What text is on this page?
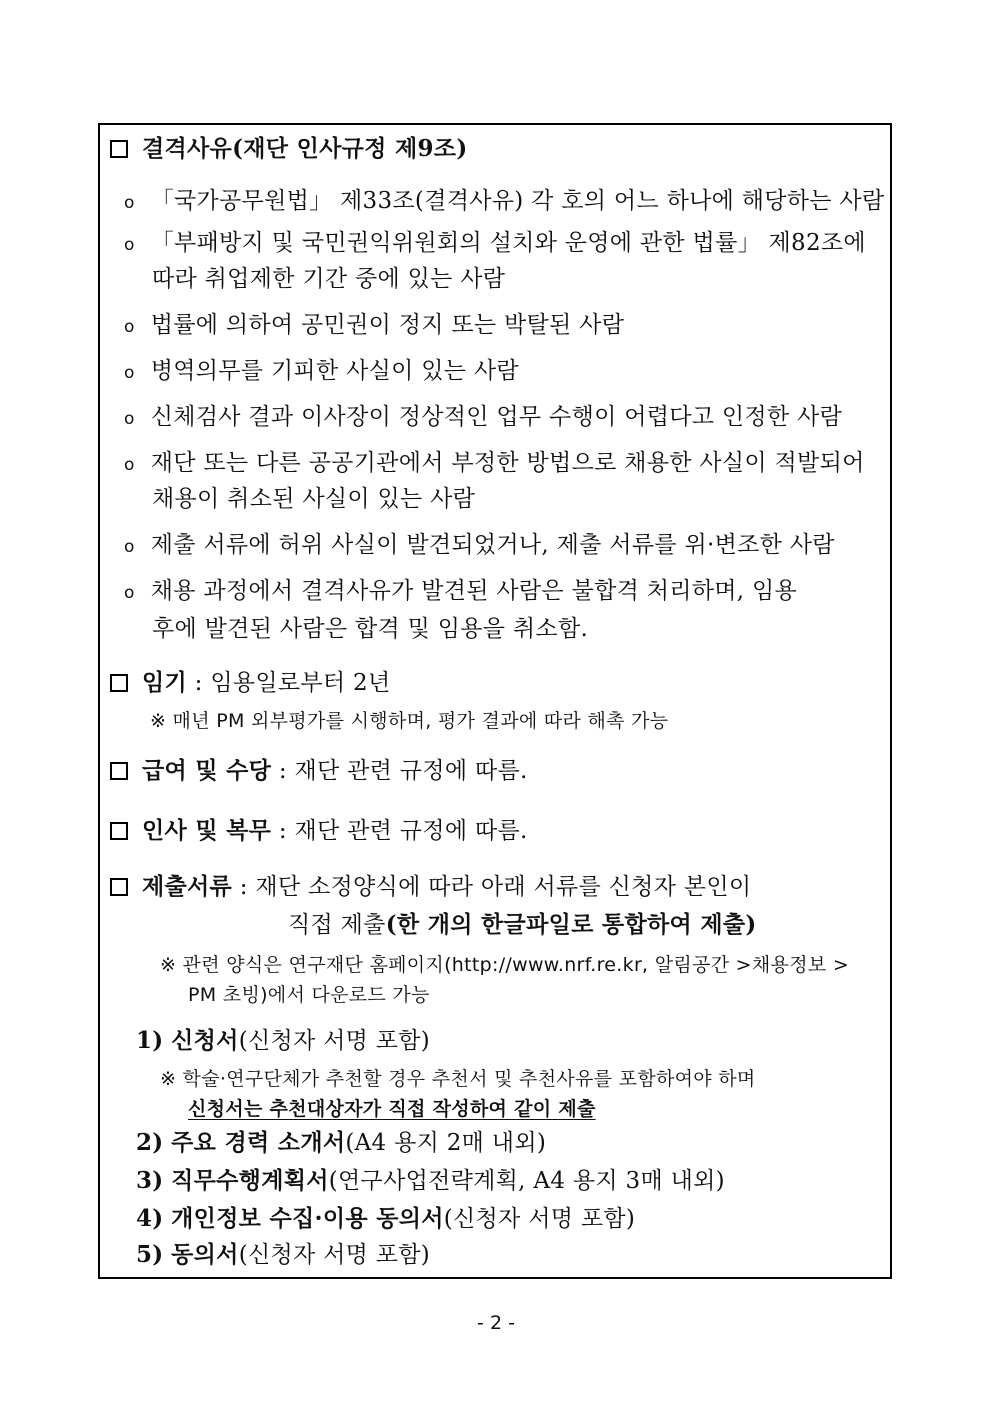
결격사유(재단 인사규정 제9조)
o 「국가공무원법」 제33조(결격사유) 각 호의 어느 하나에 해당하는 사람
o 「부패방지 및 국민권익위원회의 설치와 운영에 관한 법률」 제82조에
따라 취업제한 기간 중에 있는 사람
o 법률에 의하여 공민권이 정지 또는 박탈된 사람
o 병역의무를 기피한 사실이 있는 사람
o 신체검사 결과 이사장이 정상적인 업무 수행이 어렵다고 인정한 사람
o 재단 또는 다른 공공기관에서 부정한 방법으로 채용한 사실이 적발되어
채용이 취소된 사실이 있는 사람
o 제출 서류에 허위 사실이 발견되었거나, 제출 서류를 위·변조한 사람
o 채용 과정에서 결격사유가 발견된 사람은 불합격 처리하며, 임용
후에 발견된 사람은 합격 및 임용을 취소함.
임기 : 임용일로부터 2년
※ 매년 PM 외부평가를 시행하며, 평가 결과에 따라 해촉 가능
급여 및 수당 : 재단 관련 규정에 따름.
인사 및 복무 : 재단 관련 규정에 따름.
제출서류 : 재단 소정양식에 따라 아래 서류를 신청자 본인이
직접 제출(한 개의 한글파일로 통합하여 제출)
※ 관련 양식은 연구재단 홈페이지(http://www.nrf.re.kr, 알림공간 >채용정보 >
PM 초빙)에서 다운로드 가능
1) 신청서(신청자 서명 포함)
※ 학술·연구단체가 추천할 경우 추천서 및 추천사유를 포함하여야 하며
신청서는 추천대상자가 직접 작성하여 같이 제출
2) 주요 경력 소개서(A4 용지 2매 내외)
3) 직무수행계획서(연구사업전략계획, A4 용지 3매 내외)
4) 개인정보 수집·이용 동의서(신청자 서명 포함)
5) 동의서(신청자 서명 포함)
- 2 -
